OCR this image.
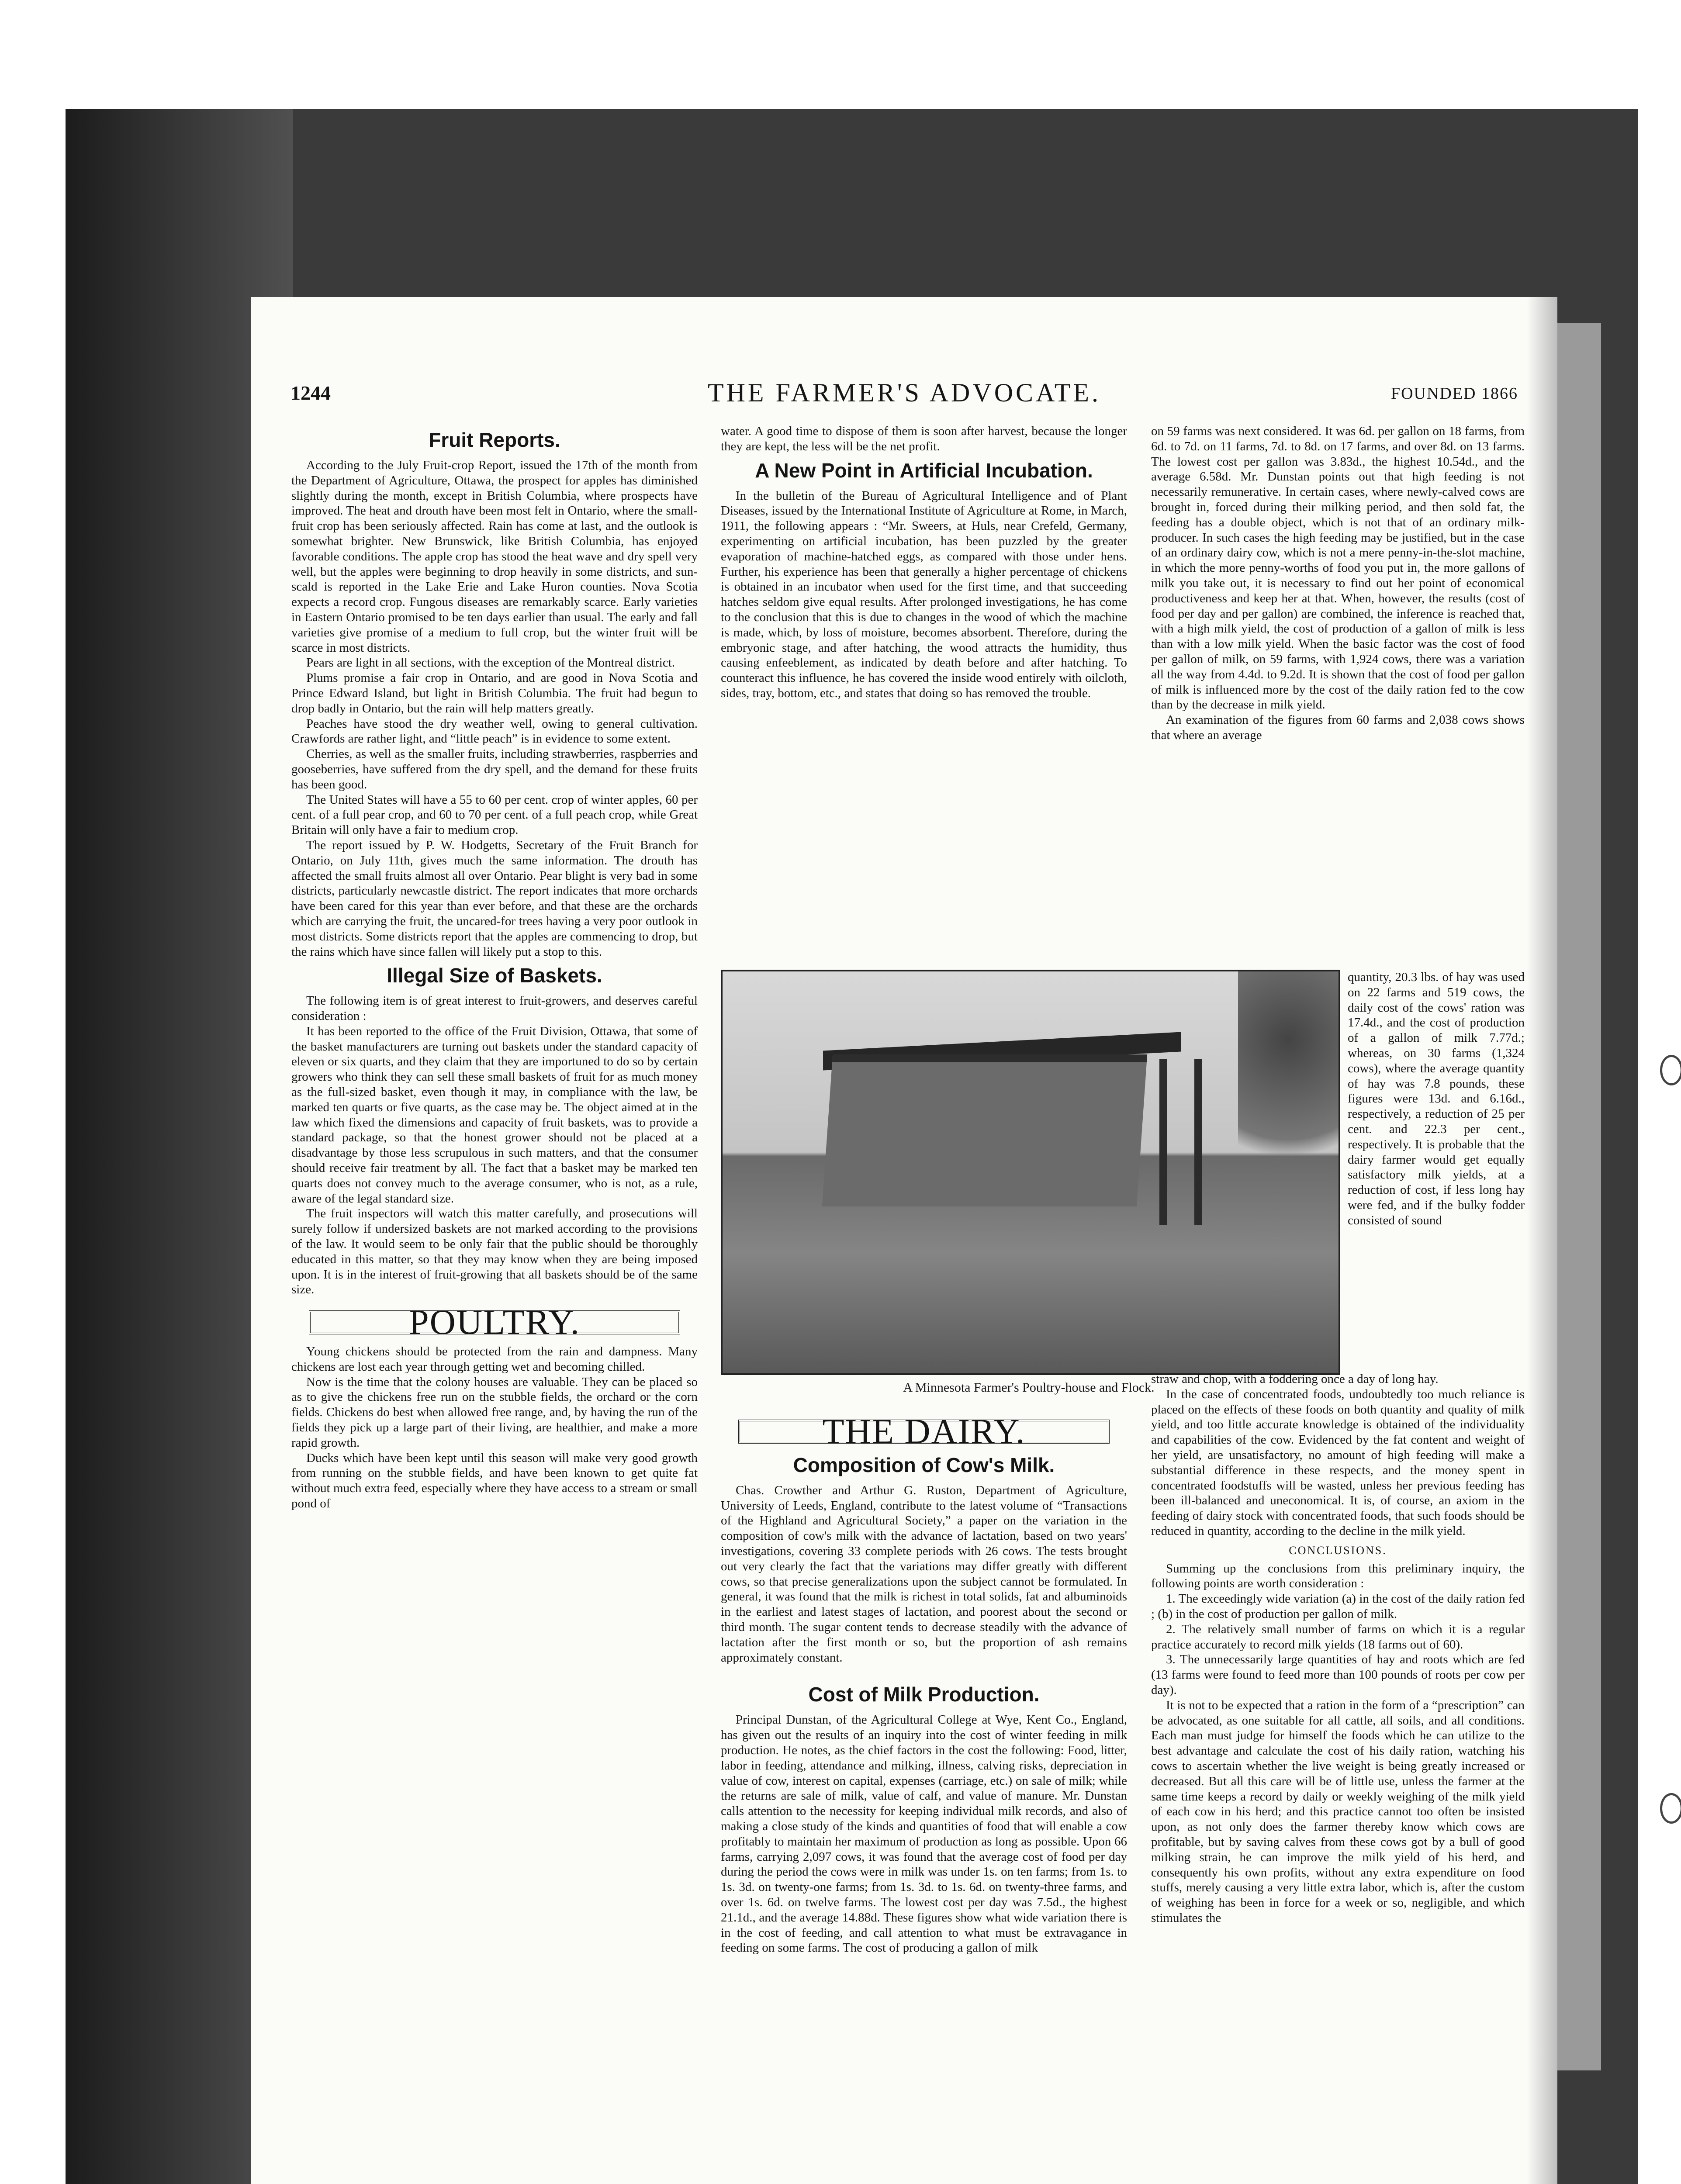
1244	THE FARMER'S ADVOCATE.	FOUNDED 1866
Fruit Reports.

According to the July Fruit-crop Report, issued the 17th of the month from the Department of Agriculture, Ottawa, the prospect for apples has diminished slightly during the month, except in British Columbia, where prospects have improved. The heat and drouth have been most felt in Ontario, where the small-fruit crop has been seriously affected. Rain has come at last, and the outlook is somewhat brighter. New Brunswick, like British Columbia, has enjoyed favorable conditions. The apple crop has stood the heat wave and dry spell very well, but the apples were beginning to drop heavily in some districts, and sun-scald is reported in the Lake Erie and Lake Huron counties. Nova Scotia expects a record crop. Fungous diseases are remarkably scarce. Early varieties in Eastern Ontario promised to be ten days earlier than usual. The early and fall varieties give promise of a medium to full crop, but the winter fruit will be scarce in most districts.

Pears are light in all sections, with the exception of the Montreal district.

Plums promise a fair crop in Ontario, and are good in Nova Scotia and Prince Edward Island, but light in British Columbia. The fruit had begun to drop badly in Ontario, but the rain will help matters greatly.

Peaches have stood the dry weather well, owing to general cultivation. Crawfords are rather light, and “little peach” is in evidence to some extent.

Cherries, as well as the smaller fruits, including strawberries, raspberries and gooseberries, have suffered from the dry spell, and the demand for these fruits has been good.

The United States will have a 55 to 60 per cent. crop of winter apples, 60 per cent. of a full pear crop, and 60 to 70 per cent. of a full peach crop, while Great Britain will only have a fair to medium crop.

The report issued by P. W. Hodgetts, Secretary of the Fruit Branch for Ontario, on July 11th, gives much the same information. The drouth has affected the small fruits almost all over Ontario. Pear blight is very bad in some districts, particularly newcastle district. The report indicates that more orchards have been cared for this year than ever before, and that these are the orchards which are carrying the fruit, the uncared-for trees having a very poor outlook in most districts. Some districts report that the apples are commencing to drop, but the rains which have since fallen will likely put a stop to this.

Illegal Size of Baskets.

The following item is of great interest to fruit-growers, and deserves careful consideration :

It has been reported to the office of the Fruit Division, Ottawa, that some of the basket manufacturers are turning out baskets under the standard capacity of eleven or six quarts, and they claim that they are importuned to do so by certain growers who think they can sell these small baskets of fruit for as much money as the full-sized basket, even though it may, in compliance with the law, be marked ten quarts or five quarts, as the case may be. The object aimed at in the law which fixed the dimensions and capacity of fruit baskets, was to provide a standard package, so that the honest grower should not be placed at a disadvantage by those less scrupulous in such matters, and that the consumer should receive fair treatment by all. The fact that a basket may be marked ten quarts does not convey much to the average consumer, who is not, as a rule, aware of the legal standard size.

The fruit inspectors will watch this matter carefully, and prosecutions will surely follow if undersized baskets are not marked according to the provisions of the law. It would seem to be only fair that the public should be thoroughly educated in this matter, so that they may know when they are being imposed upon. It is in the interest of fruit-growing that all baskets should be of the same size.

POULTRY.

Young chickens should be protected from the rain and dampness. Many chickens are lost each year through getting wet and becoming chilled.

Now is the time that the colony houses are valuable. They can be placed so as to give the chickens free run on the stubble fields, the orchard or the corn fields. Chickens do best when allowed free range, and, by having the run of the fields they pick up a large part of their living, are healthier, and make a more rapid growth.

Ducks which have been kept until this season will make very good growth from running on the stubble fields, and have been known to get quite fat without much extra feed, especially where they have access to a stream or small pond of

water. A good time to dispose of them is soon after harvest, because the longer they are kept, the less will be the net profit.

A New Point in Artificial Incubation.

In the bulletin of the Bureau of Agricultural Intelligence and of Plant Diseases, issued by the International Institute of Agriculture at Rome, in March, 1911, the following appears : “Mr. Sweers, at Huls, near Crefeld, Germany, experimenting on artificial incubation, has been puzzled by the greater evaporation of machine-hatched eggs, as compared with those under hens. Further, his experience has been that generally a higher percentage of chickens is obtained in an incubator when used for the first time, and that succeeding hatches seldom give equal results. After prolonged investigations, he has come to the conclusion that this is due to changes in the wood of which the machine is made, which, by loss of moisture, becomes absorbent. Therefore, during the embryonic stage, and after hatching, the wood attracts the humidity, thus causing enfeeblement, as indicated by death before and after hatching. To counteract this influence, he has covered the inside wood entirely with oilcloth, sides, tray, bottom, etc., and states that doing so has removed the trouble.

A Minnesota Farmer's Poultry-house and Flock.
THE DAIRY.
Composition of Cow's Milk.

Chas. Crowther and Arthur G. Ruston, Department of Agriculture, University of Leeds, England, contribute to the latest volume of “Transactions of the Highland and Agricultural Society,” a paper on the variation in the composition of cow's milk with the advance of lactation, based on two years' investigations, covering 33 complete periods with 26 cows. The tests brought out very clearly the fact that the variations may differ greatly with different cows, so that precise generalizations upon the subject cannot be formulated. In general, it was found that the milk is richest in total solids, fat and albuminoids in the earliest and latest stages of lactation, and poorest about the second or third month. The sugar content tends to decrease steadily with the advance of lactation after the first month or so, but the proportion of ash remains approximately constant.

Cost of Milk Production.

Principal Dunstan, of the Agricultural College at Wye, Kent Co., England, has given out the results of an inquiry into the cost of winter feeding in milk production. He notes, as the chief factors in the cost the following: Food, litter, labor in feeding, attendance and milking, illness, calving risks, depreciation in value of cow, interest on capital, expenses (carriage, etc.) on sale of milk; while the returns are sale of milk, value of calf, and value of manure. Mr. Dunstan calls attention to the necessity for keeping individual milk records, and also of making a close study of the kinds and quantities of food that will enable a cow profitably to maintain her maximum of production as long as possible. Upon 66 farms, carrying 2,097 cows, it was found that the average cost of food per day during the period the cows were in milk was under 1s. on ten farms; from 1s. to 1s. 3d. on twenty-one farms; from 1s. 3d. to 1s. 6d. on twenty-three farms, and over 1s. 6d. on twelve farms. The lowest cost per day was 7.5d., the highest 21.1d., and the average 14.88d. These figures show what wide variation there is in the cost of feeding, and call attention to what must be extravagance in feeding on some farms. The cost of producing a gallon of milk

on 59 farms was next considered. It was 6d. per gallon on 18 farms, from 6d. to 7d. on 11 farms, 7d. to 8d. on 17 farms, and over 8d. on 13 farms. The lowest cost per gallon was 3.83d., the highest 10.54d., and the average 6.58d. Mr. Dunstan points out that high feeding is not necessarily remunerative. In certain cases, where newly-calved cows are brought in, forced during their milking period, and then sold fat, the feeding has a double object, which is not that of an ordinary milk-producer. In such cases the high feeding may be justified, but in the case of an ordinary dairy cow, which is not a mere penny-in-the-slot machine, in which the more penny-worths of food you put in, the more gallons of milk you take out, it is necessary to find out her point of economical productiveness and keep her at that. When, however, the results (cost of food per day and per gallon) are combined, the inference is reached that, with a high milk yield, the cost of production of a gallon of milk is less than with a low milk yield. When the basic factor was the cost of food per gallon of milk, on 59 farms, with 1,924 cows, there was a variation all the way from 4.4d. to 9.2d. It is shown that the cost of food per gallon of milk is influenced more by the cost of the daily ration fed to the cow than by the decrease in milk yield.

An examination of the figures from 60 farms and 2,038 cows shows that where an average

quantity, 20.3 lbs. of hay was used on 22 farms and 519 cows, the daily cost of the cows' ration was 17.4d., and the cost of production of a gallon of milk 7.77d.; whereas, on 30 farms (1,324 cows), where the average quantity of hay was 7.8 pounds, these figures were 13d. and 6.16d., respectively, a reduction of 25 per cent. and 22.3 per cent., respectively. It is probable that the dairy farmer would get equally satisfactory milk yields, at a reduction of cost, if less long hay were fed, and if the bulky fodder consisted of sound

straw and chop, with a foddering once a day of long hay.

In the case of concentrated foods, undoubtedly too much reliance is placed on the effects of these foods on both quantity and quality of milk yield, and too little accurate knowledge is obtained of the individuality and capabilities of the cow. Evidenced by the fat content and weight of her yield, are unsatisfactory, no amount of high feeding will make a substantial difference in these respects, and the money spent in concentrated foodstuffs will be wasted, unless her previous feeding has been ill-balanced and uneconomical. It is, of course, an axiom in the feeding of dairy stock with concentrated foods, that such foods should be reduced in quantity, according to the decline in the milk yield.

CONCLUSIONS.

Summing up the conclusions from this preliminary inquiry, the following points are worth consideration :

1. The exceedingly wide variation (a) in the cost of the daily ration fed ; (b) in the cost of production per gallon of milk.

2. The relatively small number of farms on which it is a regular practice accurately to record milk yields (18 farms out of 60).

3. The unnecessarily large quantities of hay and roots which are fed (13 farms were found to feed more than 100 pounds of roots per cow per day).

It is not to be expected that a ration in the form of a “prescription” can be advocated, as one suitable for all cattle, all soils, and all conditions. Each man must judge for himself the foods which he can utilize to the best advantage and calculate the cost of his daily ration, watching his cows to ascertain whether the live weight is being greatly increased or decreased. But all this care will be of little use, unless the farmer at the same time keeps a record by daily or weekly weighing of the milk yield of each cow in his herd; and this practice cannot too often be insisted upon, as not only does the farmer thereby know which cows are profitable, but by saving calves from these cows got by a bull of good milking strain, he can improve the milk yield of his herd, and consequently his own profits, without any extra expenditure on food stuffs, merely causing a very little extra labor, which is, after the custom of weighing has been in force for a week or so, negligible, and which stimulates the
